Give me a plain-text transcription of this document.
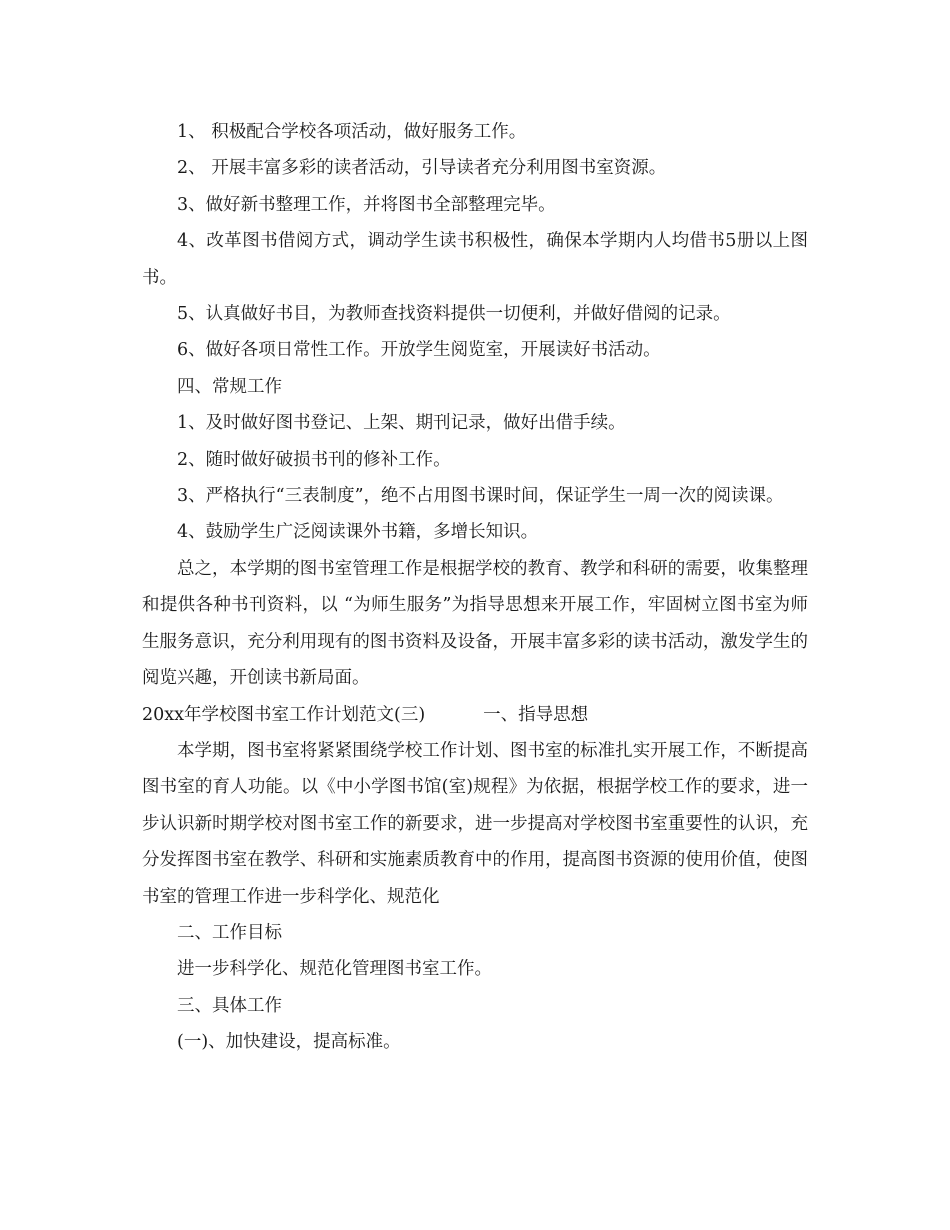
1、 积极配合学校各项活动，做好服务工作。

2、 开展丰富多彩的读者活动，引导读者充分利用图书室资源。

3、做好新书整理工作，并将图书全部整理完毕。

4、改革图书借阅方式，调动学生读书积极性，确保本学期内人均借书5册以上图书。

5、认真做好书目，为教师查找资料提供一切便利，并做好借阅的记录。

6、做好各项日常性工作。开放学生阅览室，开展读好书活动。

四、常规工作

1、及时做好图书登记、上架、期刊记录，做好出借手续。

2、随时做好破损书刊的修补工作。

3、严格执行“三表制度”，绝不占用图书课时间，保证学生一周一次的阅读课。

4、鼓励学生广泛阅读课外书籍，多增长知识。

总之，本学期的图书室管理工作是根据学校的教育、教学和科研的需要，收集整理和提供各种书刊资料，以 “为师生服务”为指导思想来开展工作，牢固树立图书室为师生服务意识，充分利用现有的图书资料及设备，开展丰富多彩的读书活动，激发学生的阅览兴趣，开创读书新局面。

20xx年学校图书室工作计划范文(三)	一、指导思想

本学期，图书室将紧紧围绕学校工作计划、图书室的标准扎实开展工作，不断提高图书室的育人功能。以《中小学图书馆(室)规程》为依据，根据学校工作的要求，进一步认识新时期学校对图书室工作的新要求，进一步提高对学校图书室重要性的认识，充分发挥图书室在教学、科研和实施素质教育中的作用，提高图书资源的使用价值，使图书室的管理工作进一步科学化、规范化

二、工作目标

进一步科学化、规范化管理图书室工作。

三、具体工作

(一)、加快建设，提高标准。
